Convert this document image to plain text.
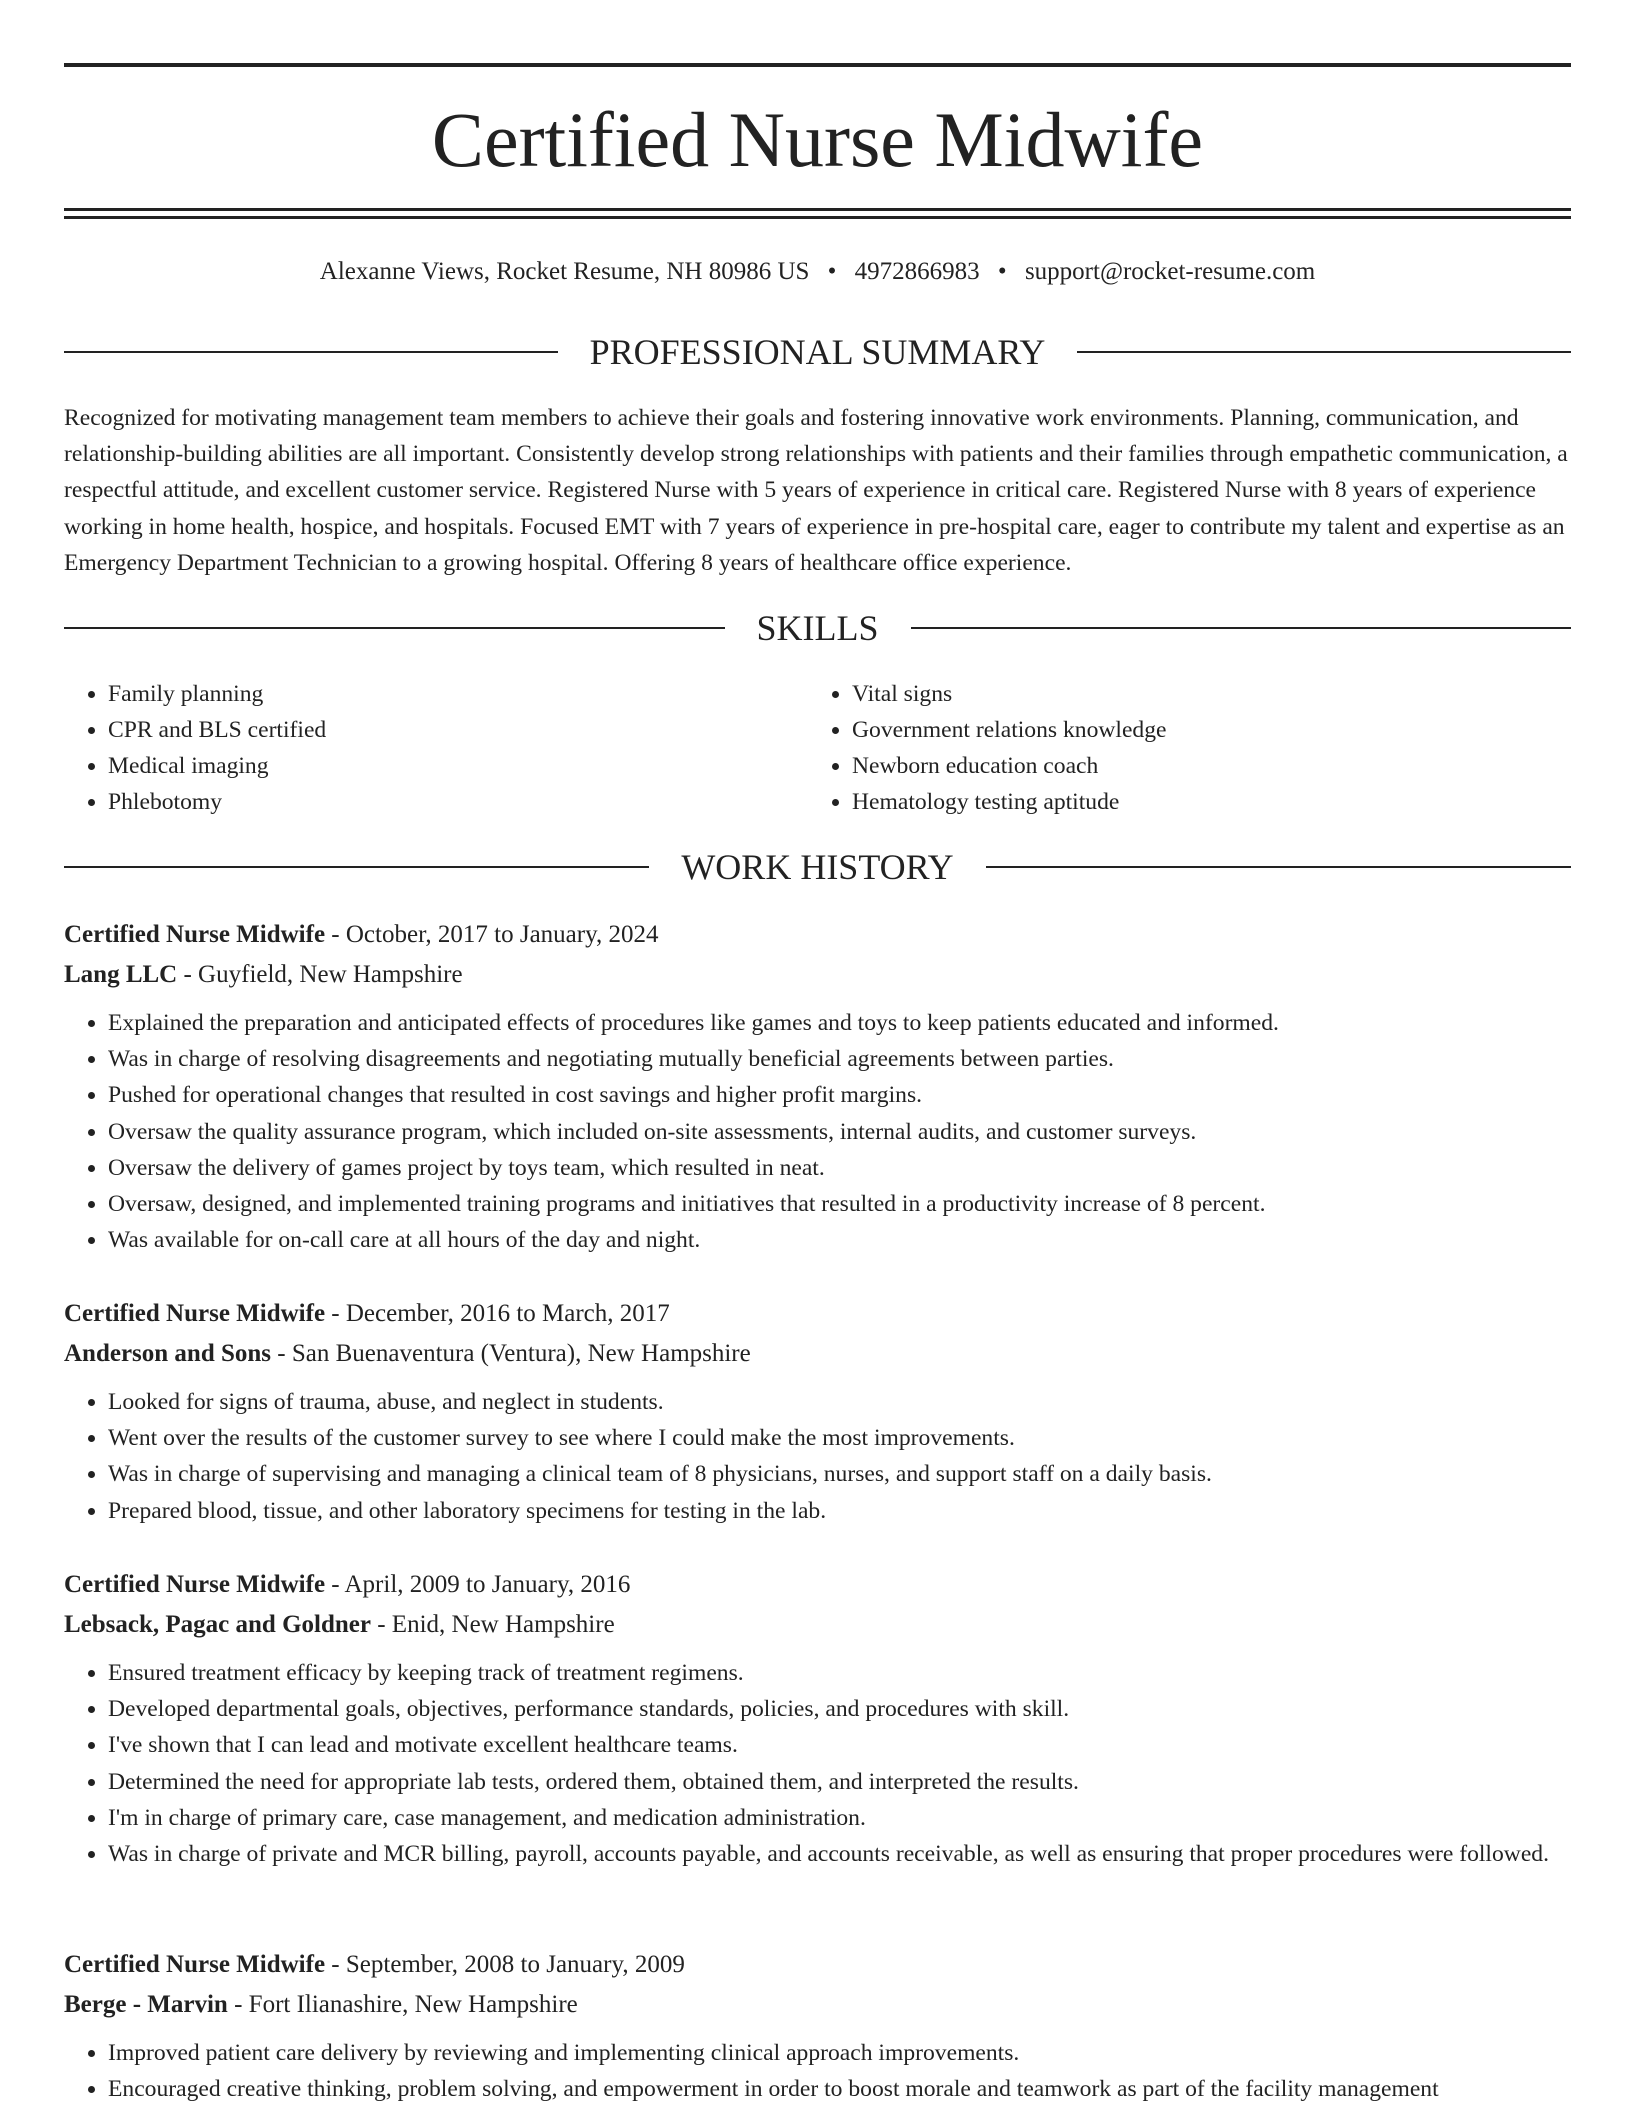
Certified Nurse Midwife
Alexanne Views, Rocket Resume, NH 80986 US • 4972866983 • support@rocket-resume.com
PROFESSIONAL SUMMARY

Recognized for motivating management team members to achieve their goals and fostering innovative work environments. Planning, communication, and relationship-building abilities are all important. Consistently develop strong relationships with patients and their families through empathetic communication, a respectful attitude, and excellent customer service. Registered Nurse with 5 years of experience in critical care. Registered Nurse with 8 years of experience working in home health, hospice, and hospitals. Focused EMT with 7 years of experience in pre-hospital care, eager to contribute my talent and expertise as an Emergency Department Technician to a growing hospital. Offering 8 years of healthcare office experience.

SKILLS
• Family planning
• CPR and BLS certified
• Medical imaging
• Phlebotomy
• Vital signs
• Government relations knowledge
• Newborn education coach
• Hematology testing aptitude
WORK HISTORY
Certified Nurse Midwife - October, 2017 to January, 2024
Lang LLC - Guyfield, New Hampshire
• Explained the preparation and anticipated effects of procedures like games and toys to keep patients educated and informed.
• Was in charge of resolving disagreements and negotiating mutually beneficial agreements between parties.
• Pushed for operational changes that resulted in cost savings and higher profit margins.
• Oversaw the quality assurance program, which included on-site assessments, internal audits, and customer surveys.
• Oversaw the delivery of games project by toys team, which resulted in neat.
• Oversaw, designed, and implemented training programs and initiatives that resulted in a productivity increase of 8 percent.
• Was available for on-call care at all hours of the day and night.
Certified Nurse Midwife - December, 2016 to March, 2017
Anderson and Sons - San Buenaventura (Ventura), New Hampshire
• Looked for signs of trauma, abuse, and neglect in students.
• Went over the results of the customer survey to see where I could make the most improvements.
• Was in charge of supervising and managing a clinical team of 8 physicians, nurses, and support staff on a daily basis.
• Prepared blood, tissue, and other laboratory specimens for testing in the lab.
Certified Nurse Midwife - April, 2009 to January, 2016
Lebsack, Pagac and Goldner - Enid, New Hampshire
• Ensured treatment efficacy by keeping track of treatment regimens.
• Developed departmental goals, objectives, performance standards, policies, and procedures with skill.
• I've shown that I can lead and motivate excellent healthcare teams.
• Determined the need for appropriate lab tests, ordered them, obtained them, and interpreted the results.
• I'm in charge of primary care, case management, and medication administration.
• Was in charge of private and MCR billing, payroll, accounts payable, and accounts receivable, as well as ensuring that proper procedures were followed.
Certified Nurse Midwife - September, 2008 to January, 2009
Berge - Marvin - Fort Ilianashire, New Hampshire
• Improved patient care delivery by reviewing and implementing clinical approach improvements.
• Encouraged creative thinking, problem solving, and empowerment in order to boost morale and teamwork as part of the facility management
